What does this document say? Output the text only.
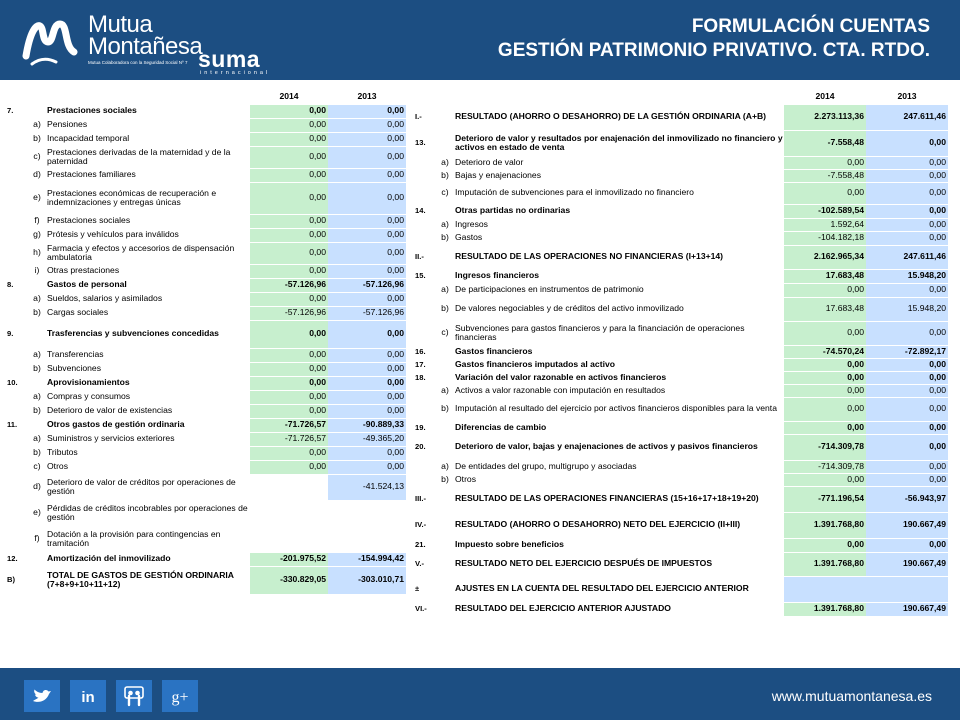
Mutua
Montañesa
Mutua Colaboradora con la Seguridad Social Nº 7 suma
internacional
FORMULACIÓN CUENTAS
GESTIÓN PATRIMONIO PRIVATIVO. CTA. RTDO.
			2014	2013
7.		Prestaciones sociales	0,00	0,00
	a)	Pensiones	0,00	0,00
	b)	Incapacidad temporal	0,00	0,00
	c)	Prestaciones derivadas de la maternidad y de la paternidad	0,00	0,00
	d)	Prestaciones familiares	0,00	0,00
	e)	Prestaciones económicas de recuperación e indemnizaciones y entregas únicas	0,00	0,00
	f)	Prestaciones sociales	0,00	0,00
	g)	Prótesis y vehículos para inválidos	0,00	0,00
	h)	Farmacia y efectos y accesorios de dispensación ambulatoria	0,00	0,00
	i)	Otras prestaciones	0,00	0,00
8.		Gastos de personal	-57.126,96	-57.126,96
	a)	Sueldos, salarios y asimilados	0,00	0,00
	b)	Cargas sociales	-57.126,96	-57.126,96
9.		Trasferencias y subvenciones concedidas	0,00	0,00
	a)	Transferencias	0,00	0,00
	b)	Subvenciones	0,00	0,00
10.		Aprovisionamientos	0,00	0,00
	a)	Compras y consumos	0,00	0,00
	b)	Deterioro de valor de existencias	0,00	0,00
11.		Otros gastos de gestión ordinaria	-71.726,57	-90.889,33
	a)	Suministros y servicios exteriores	-71.726,57	-49.365,20
	b)	Tributos	0,00	0,00
	c)	Otros	0,00	0,00
	d)	Deterioro de valor de créditos por operaciones de gestión		-41.524,13
	e)	Pérdidas de créditos incobrables por operaciones de gestión		
	f)	Dotación a la provisión para contingencias en tramitación		
12.		Amortización del inmovilizado	-201.975,52	-154.994,42
B)		TOTAL DE GASTOS DE GESTIÓN ORDINARIA (7+8+9+10+11+12)	-330.829,05	-303.010,71
			2014	2013
I.-		RESULTADO (AHORRO O DESAHORRO) DE LA GESTIÓN ORDINARIA (A+B)	2.273.113,36	247.611,46
13.		Deterioro de valor y resultados por enajenación del inmovilizado no financiero y activos en estado de venta	-7.558,48	0,00
	a)	Deterioro de valor	0,00	0,00
	b)	Bajas y enajenaciones	-7.558,48	0,00
	c)	Imputación de subvenciones para el inmovilizado no financiero	0,00	0,00
14.		Otras partidas no ordinarias	-102.589,54	0,00
	a)	Ingresos	1.592,64	0,00
	b)	Gastos	-104.182,18	0,00
II.-		RESULTADO DE LAS OPERACIONES NO FINANCIERAS (I+13+14)	2.162.965,34	247.611,46
15.		Ingresos financieros	17.683,48	15.948,20
	a)	De participaciones en instrumentos de patrimonio	0,00	0,00
	b)	De valores negociables y de créditos del activo inmovilizado	17.683,48	15.948,20
	c)	Subvenciones para gastos financieros y para la financiación de operaciones financieras	0,00	0,00
16.		Gastos financieros	-74.570,24	-72.892,17
17.		Gastos financieros imputados al activo	0,00	0,00
18.		Variación del valor razonable en activos financieros	0,00	0,00
	a)	Activos a valor razonable con imputación en resultados	0,00	0,00
	b)	Imputación al resultado del ejercicio por activos financieros disponibles para la venta	0,00	0,00
19.		Diferencias de cambio	0,00	0,00
20.		Deterioro de valor, bajas y enajenaciones de activos y pasivos financieros	-714.309,78	0,00
	a)	De entidades del grupo, multigrupo y asociadas	-714.309,78	0,00
	b)	Otros	0,00	0,00
III.-		RESULTADO DE LAS OPERACIONES FINANCIERAS (15+16+17+18+19+20)	-771.196,54	-56.943,97
IV.-		RESULTADO (AHORRO O DESAHORRO) NETO DEL EJERCICIO (II+III)	1.391.768,80	190.667,49
21.		Impuesto sobre beneficios	0,00	0,00
V.-		RESULTADO NETO DEL EJERCICIO DESPUÉS DE IMPUESTOS	1.391.768,80	190.667,49
±		AJUSTES EN LA CUENTA DEL RESULTADO DEL EJERCICIO ANTERIOR		
VI.-		RESULTADO DEL EJERCICIO ANTERIOR AJUSTADO	1.391.768,80	190.667,49
in	g+	www.mutuamontanesa.es
